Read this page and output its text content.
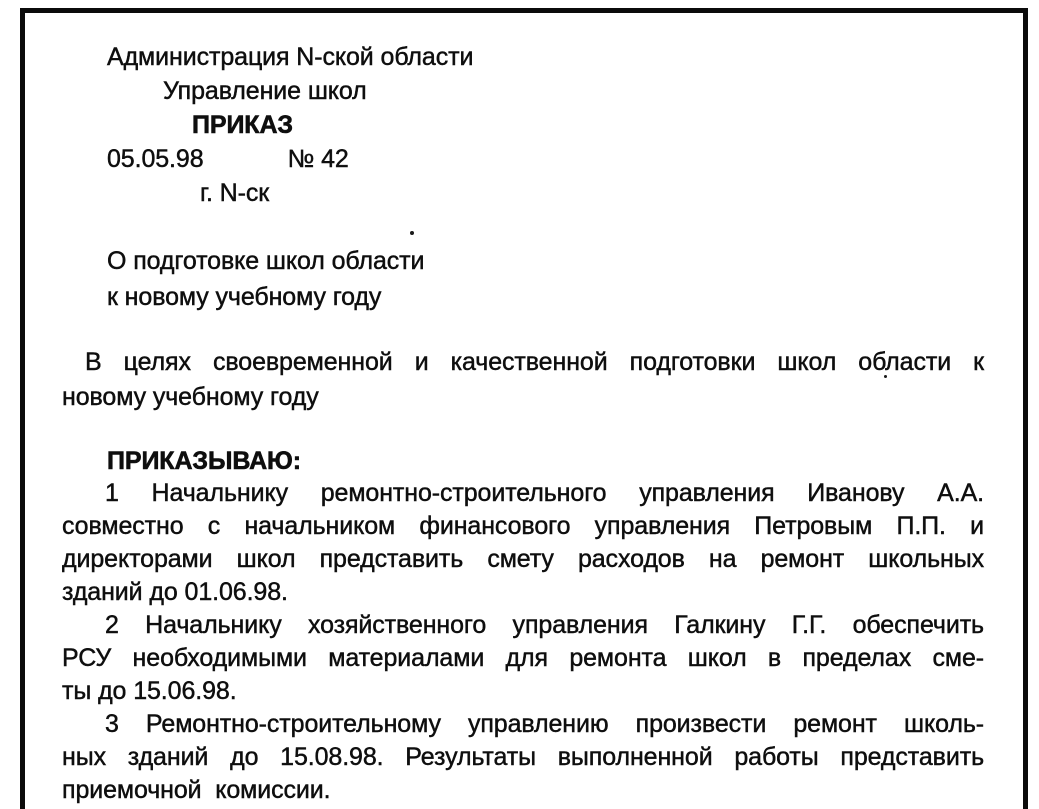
Администрация N-ской области
Управление школ
ПРИКАЗ
05.05.98	№ 42
г. N-ск
О подготовке школ области
к новому учебному году
В целях своевременной и качественной подготовки школ области к
новому учебному году
ПРИКАЗЫВАЮ:
1 Начальнику ремонтно-строительного управления Иванову А.А.
совместно с начальником финансового управления Петровым П.П. и
директорами школ представить смету расходов на ремонт школьных
зданий до 01.06.98.
2 Начальнику хозяйственного управления Галкину Г.Г. обеспечить
РСУ необходимыми материалами для ремонта школ в пределах сме-
ты до 15.06.98.
3 Ремонтно-строительному управлению произвести ремонт школь-
ных зданий до 15.08.98. Результаты выполненной работы представить
приемочной  комиссии.
